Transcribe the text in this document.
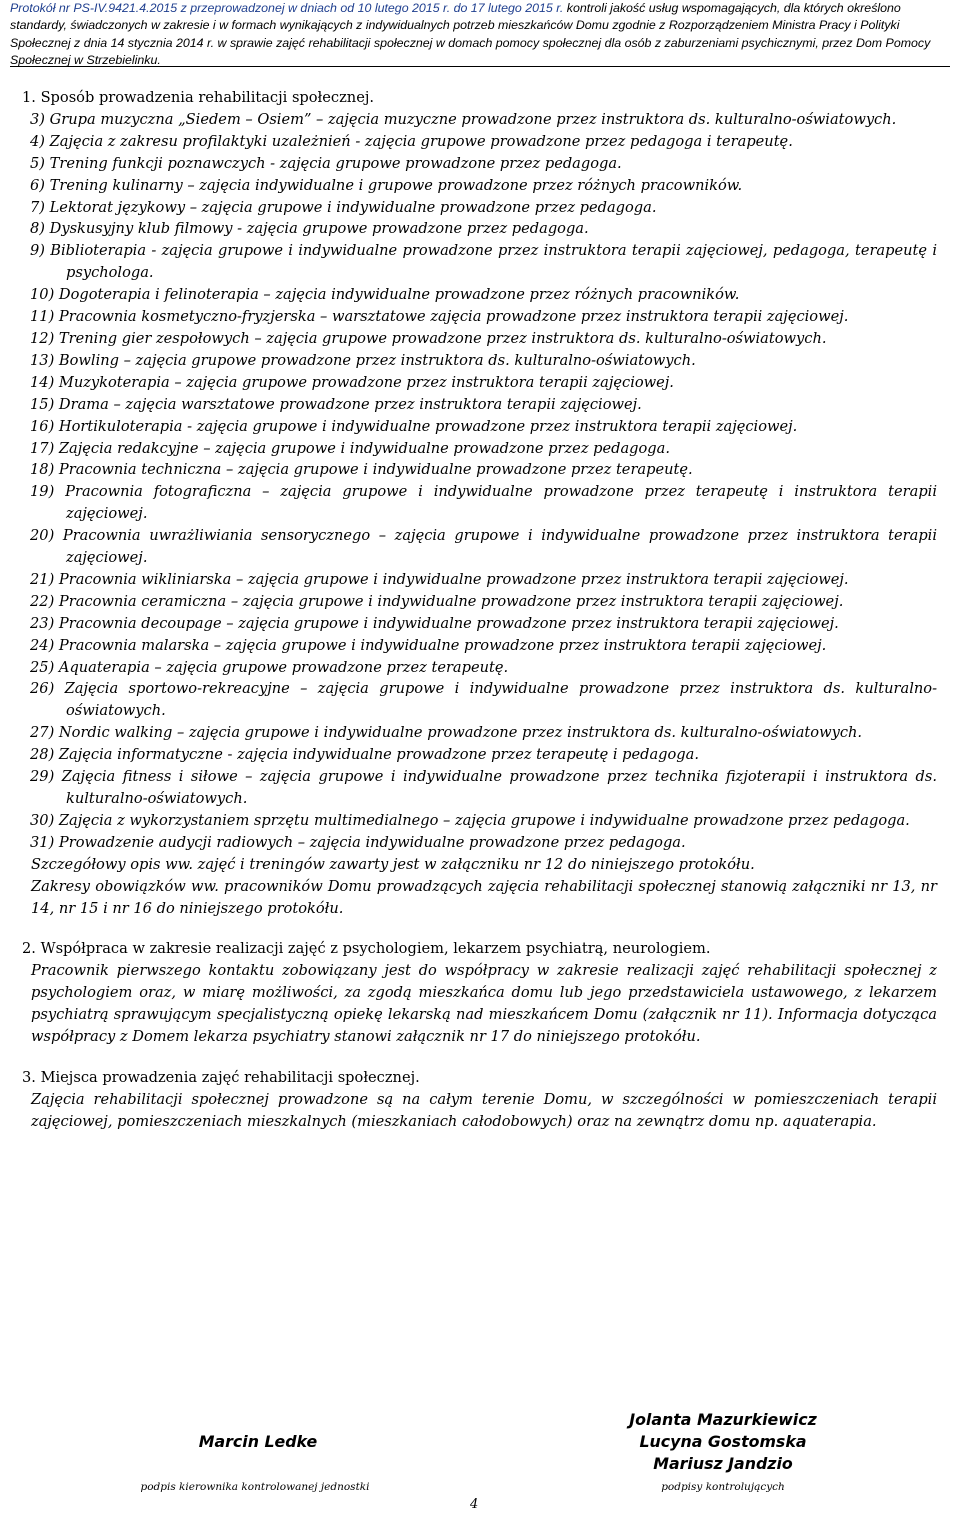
Protokół nr PS-IV.9421.4.2015 z przeprowadzonej w dniach od 10 lutego 2015 r. do 17 lutego 2015 r. kontroli jakość usług wspomagających, dla których określono standardy, świadczonych w zakresie i w formach wynikających z indywidualnych potrzeb mieszkańców Domu zgodnie z Rozporządzeniem Ministra Pracy i Polityki Społecznej z dnia 14 stycznia 2014 r. w sprawie zajęć rehabilitacji społecznej w domach pomocy społecznej dla osób z zaburzeniami psychicznymi, przez Dom Pomocy Społecznej w Strzebielinku.

1. Sposób prowadzenia rehabilitacji społecznej.

3) Grupa muzyczna „Siedem – Osiem” – zajęcia muzyczne prowadzone przez instruktora ds. kulturalno-oświatowych.
4) Zajęcia z zakresu profilaktyki uzależnień - zajęcia grupowe prowadzone przez pedagoga i terapeutę.
5) Trening funkcji poznawczych - zajęcia grupowe prowadzone przez pedagoga.
6) Trening kulinarny – zajęcia indywidualne i grupowe prowadzone przez różnych pracowników.
7) Lektorat językowy – zajęcia grupowe i indywidualne prowadzone przez pedagoga.
8) Dyskusyjny klub filmowy - zajęcia grupowe prowadzone przez pedagoga.
9) Biblioterapia - zajęcia grupowe i indywidualne prowadzone przez instruktora terapii zajęciowej, pedagoga, terapeutę i psychologa.
10) Dogoterapia i felinoterapia – zajęcia indywidualne prowadzone przez różnych pracowników.
11) Pracownia kosmetyczno-fryzjerska – warsztatowe zajęcia prowadzone przez instruktora terapii zajęciowej.
12) Trening gier zespołowych – zajęcia grupowe prowadzone przez instruktora ds. kulturalno-oświatowych.
13) Bowling – zajęcia grupowe prowadzone przez instruktora ds. kulturalno-oświatowych.
14) Muzykoterapia – zajęcia grupowe prowadzone przez instruktora terapii zajęciowej.
15) Drama – zajęcia warsztatowe prowadzone przez instruktora terapii zajęciowej.
16) Hortikuloterapia - zajęcia grupowe i indywidualne prowadzone przez instruktora terapii zajęciowej.
17) Zajęcia redakcyjne – zajęcia grupowe i indywidualne prowadzone przez pedagoga.
18) Pracownia techniczna – zajęcia grupowe i indywidualne prowadzone przez terapeutę.
19) Pracownia fotograficzna – zajęcia grupowe i indywidualne prowadzone przez terapeutę i instruktora terapii zajęciowej.
20) Pracownia uwrażliwiania sensorycznego – zajęcia grupowe i indywidualne prowadzone przez instruktora terapii zajęciowej.
21) Pracownia wikliniarska – zajęcia grupowe i indywidualne prowadzone przez instruktora terapii zajęciowej.
22) Pracownia ceramiczna – zajęcia grupowe i indywidualne prowadzone przez instruktora terapii zajęciowej.
23) Pracownia decoupage – zajęcia grupowe i indywidualne prowadzone przez instruktora terapii zajęciowej.
24) Pracownia malarska – zajęcia grupowe i indywidualne prowadzone przez instruktora terapii zajęciowej.
25) Aquaterapia – zajęcia grupowe prowadzone przez terapeutę.
26) Zajęcia sportowo-rekreacyjne – zajęcia grupowe i indywidualne prowadzone przez instruktora ds. kulturalno-oświatowych.
27) Nordic walking – zajęcia grupowe i indywidualne prowadzone przez instruktora ds. kulturalno-oświatowych.
28) Zajęcia informatyczne - zajęcia indywidualne prowadzone przez terapeutę i pedagoga.
29) Zajęcia fitness i siłowe – zajęcia grupowe i indywidualne prowadzone przez technika fizjoterapii i instruktora ds. kulturalno-oświatowych.
30) Zajęcia z wykorzystaniem sprzętu multimedialnego – zajęcia grupowe i indywidualne prowadzone przez pedagoga.
31) Prowadzenie audycji radiowych – zajęcia indywidualne prowadzone przez pedagoga.

Szczegółowy opis ww. zajęć i treningów zawarty jest w załączniku nr 12 do niniejszego protokółu.

Zakresy obowiązków ww. pracowników Domu prowadzących zajęcia rehabilitacji społecznej stanowią załączniki nr 13, nr 14, nr 15 i nr 16 do niniejszego protokółu.

2. Współpraca w zakresie realizacji zajęć z psychologiem, lekarzem psychiatrą, neurologiem.

Pracownik pierwszego kontaktu zobowiązany jest do współpracy w zakresie realizacji zajęć rehabilitacji społecznej z psychologiem oraz, w miarę możliwości, za zgodą mieszkańca domu lub jego przedstawiciela ustawowego, z lekarzem psychiatrą sprawującym specjalistyczną opiekę lekarską nad mieszkańcem Domu (załącznik nr 11). Informacja dotycząca współpracy z Domem lekarza psychiatry stanowi załącznik nr 17 do niniejszego protokółu.

3. Miejsca prowadzenia zajęć rehabilitacji społecznej.

Zajęcia rehabilitacji społecznej prowadzone są na całym terenie Domu, w szczególności w pomieszczeniach terapii zajęciowej, pomieszczeniach mieszkalnych (mieszkaniach całodobowych) oraz na zewnątrz domu np. aquaterapia.

Marcin Ledke
podpis kierownika kontrolowanej jednostki
Jolanta Mazurkiewicz
Lucyna Gostomska
Mariusz Jandzio
podpisy kontrolujących
4
